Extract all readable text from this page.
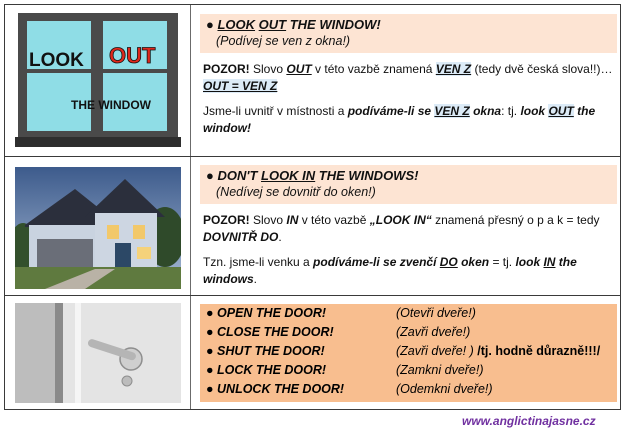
LOOK OUT
THE WINDOW
● LOOK OUT THE WINDOW!
(Podívej se ven z okna!)
POZOR! Slovo OUT v této vazbě znamená VEN Z (tedy dvě česká slova!!)… OUT = VEN Z
Jsme-li uvnitř v místnosti a podíváme-li se VEN Z okna: tj. look OUT the window!
● DON'T LOOK IN THE WINDOWS!
(Nedívej se dovnitř do oken!)
POZOR! Slovo IN v této vazbě „LOOK IN“ znamená přesný o p a k = tedy DOVNITŘ DO.
Tzn. jsme-li venku a podíváme-li se zvenčí DO oken = tj. look IN the windows.
● OPEN THE DOOR!	(Otevři dveře!)
● CLOSE THE DOOR!	(Zavři dveře!)
● SHUT THE DOOR!	(Zavři dveře! ) /tj. hodně důrazně!!!/
● LOCK THE DOOR!	(Zamkni dveře!)
● UNLOCK THE DOOR!	(Odemkni dveře!)
www.anglictinajasne.cz
